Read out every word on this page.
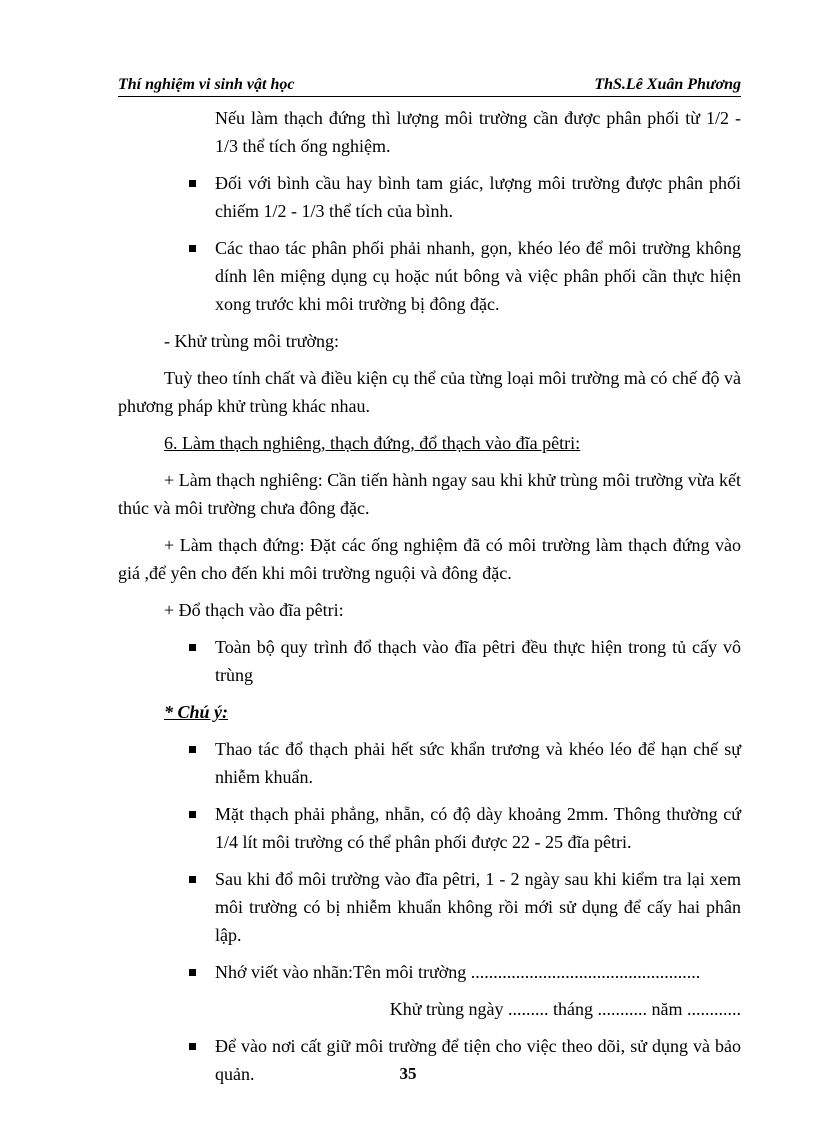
Thí nghiệm vi sinh vật học	ThS.Lê Xuân Phương

Nếu làm thạch đứng thì lượng môi trường cần được phân phối từ 1/2 - 1/3 thể tích ống nghiệm.

Đối với bình cầu hay bình tam giác, lượng môi trường được phân phối chiếm 1/2 - 1/3 thể tích của bình.

Các thao tác phân phối phải nhanh, gọn, khéo léo để môi trường không dính lên miệng dụng cụ hoặc nút bông và việc phân phối cần thực hiện xong trước khi môi trường bị đông đặc.

- Khử trùng môi trường:

Tuỳ theo tính chất và điều kiện cụ thể của từng loại môi trường mà có chế độ và phương pháp khử trùng khác nhau.

6. Làm thạch nghiêng, thạch đứng, đổ thạch vào đĩa pêtri:

+ Làm thạch nghiêng: Cần tiến hành ngay sau khi khử trùng môi trường vừa kết thúc và môi trường chưa đông đặc.

+ Làm thạch đứng: Đặt các ống nghiệm đã có môi trường làm thạch đứng vào giá ,để yên cho đến khi môi trường nguội và đông đặc.

+ Đổ thạch vào đĩa pêtri:

Toàn bộ quy trình đổ thạch vào đĩa pêtri đều thực hiện trong tủ cấy vô trùng

* Chú ý:

Thao tác đổ thạch phải hết sức khẩn trương và khéo léo để hạn chế sự nhiễm khuẩn.

Mặt thạch phải phẳng, nhẵn, có độ dày khoảng 2mm. Thông thường cứ 1/4 lít môi trường có thể phân phối được 22 - 25 đĩa pêtri.

Sau khi đổ môi trường vào đĩa pêtri, 1 - 2 ngày sau khi kiểm tra lại xem môi trường có bị nhiễm khuẩn không rồi mới sử dụng để cấy hai phân lập.

Nhớ viết vào nhãn:Tên môi trường ...................................................

Khử trùng ngày ......... tháng ........... năm ............

Để vào nơi cất giữ môi trường để tiện cho việc theo dõi, sử dụng và bảo quản.	35
